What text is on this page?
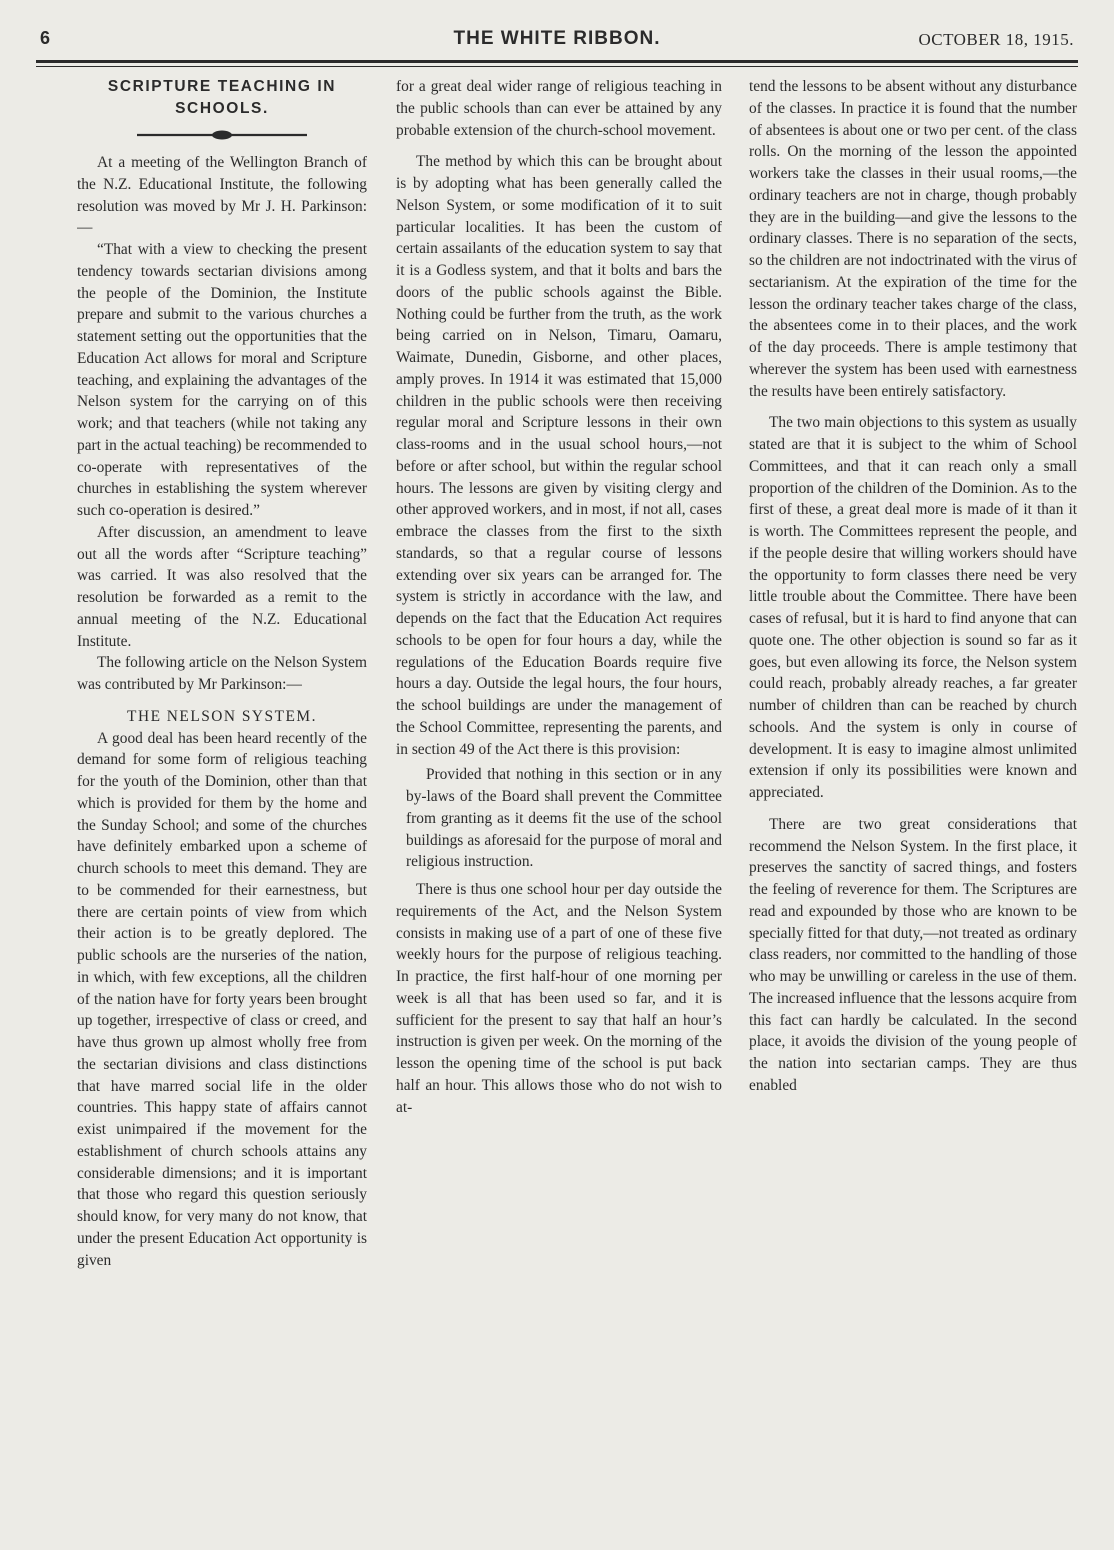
6	THE WHITE RIBBON.	OCTOBER 18, 1915.
SCRIPTURE TEACHING IN
SCHOOLS.

At a meeting of the Wellington Branch of the N.Z. Educational Institute, the following resolution was moved by Mr J. H. Parkinson:—

“That with a view to checking the present tendency towards sectarian divisions among the people of the Dominion, the Institute prepare and submit to the various churches a statement setting out the opportunities that the Education Act allows for moral and Scripture teaching, and explaining the advantages of the Nelson system for the carrying on of this work; and that teachers (while not taking any part in the actual teaching) be recommended to co-operate with representatives of the churches in establishing the system wherever such co-operation is desired.”

After discussion, an amendment to leave out all the words after “Scripture teaching” was carried. It was also resolved that the resolution be forwarded as a remit to the annual meeting of the N.Z. Educational Institute.

The following article on the Nelson System was contributed by Mr Parkinson:—

THE NELSON SYSTEM.

A good deal has been heard recently of the demand for some form of religious teaching for the youth of the Dominion, other than that which is provided for them by the home and the Sunday School; and some of the churches have definitely embarked upon a scheme of church schools to meet this demand. They are to be commended for their earnestness, but there are certain points of view from which their action is to be greatly deplored. The public schools are the nurseries of the nation, in which, with few exceptions, all the children of the nation have for forty years been brought up together, irrespective of class or creed, and have thus grown up almost wholly free from the sectarian divisions and class distinctions that have marred social life in the older countries. This happy state of affairs cannot exist unimpaired if the movement for the establishment of church schools attains any considerable dimensions; and it is important that those who regard this question seriously should know, for very many do not know, that under the present Education Act opportunity is given

for a great deal wider range of religious teaching in the public schools than can ever be attained by any probable extension of the church-school movement.

The method by which this can be brought about is by adopting what has been generally called the Nelson System, or some modification of it to suit particular localities. It has been the custom of certain assailants of the education system to say that it is a Godless system, and that it bolts and bars the doors of the public schools against the Bible. Nothing could be further from the truth, as the work being carried on in Nelson, Timaru, Oamaru, Waimate, Dunedin, Gisborne, and other places, amply proves. In 1914 it was estimated that 15,000 children in the public schools were then receiving regular moral and Scripture lessons in their own class-rooms and in the usual school hours,—not before or after school, but within the regular school hours. The lessons are given by visiting clergy and other approved workers, and in most, if not all, cases embrace the classes from the first to the sixth standards, so that a regular course of lessons extending over six years can be arranged for. The system is strictly in accordance with the law, and depends on the fact that the Education Act requires schools to be open for four hours a day, while the regulations of the Education Boards require five hours a day. Outside the legal hours, the four hours, the school buildings are under the management of the School Committee, representing the parents, and in section 49 of the Act there is this provision:

Provided that nothing in this section or in any by-laws of the Board shall prevent the Committee from granting as it deems fit the use of the school buildings as aforesaid for the purpose of moral and religious instruction.

There is thus one school hour per day outside the requirements of the Act, and the Nelson System consists in making use of a part of one of these five weekly hours for the purpose of religious teaching. In practice, the first half-hour of one morning per week is all that has been used so far, and it is sufficient for the present to say that half an hour’s instruction is given per week. On the morning of the lesson the opening time of the school is put back half an hour. This allows those who do not wish to at-

tend the lessons to be absent without any disturbance of the classes. In practice it is found that the number of absentees is about one or two per cent. of the class rolls. On the morning of the lesson the appointed workers take the classes in their usual rooms,—the ordinary teachers are not in charge, though probably they are in the building—and give the lessons to the ordinary classes. There is no separation of the sects, so the children are not indoctrinated with the virus of sectarianism. At the expiration of the time for the lesson the ordinary teacher takes charge of the class, the absentees come in to their places, and the work of the day proceeds. There is ample testimony that wherever the system has been used with earnestness the results have been entirely satisfactory.

The two main objections to this system as usually stated are that it is subject to the whim of School Committees, and that it can reach only a small proportion of the children of the Dominion. As to the first of these, a great deal more is made of it than it is worth. The Committees represent the people, and if the people desire that willing workers should have the opportunity to form classes there need be very little trouble about the Committee. There have been cases of refusal, but it is hard to find anyone that can quote one. The other objection is sound so far as it goes, but even allowing its force, the Nelson system could reach, probably already reaches, a far greater number of children than can be reached by church schools. And the system is only in course of development. It is easy to imagine almost unlimited extension if only its possibilities were known and appreciated.

There are two great considerations that recommend the Nelson System. In the first place, it preserves the sanctity of sacred things, and fosters the feeling of reverence for them. The Scriptures are read and expounded by those who are known to be specially fitted for that duty,—not treated as ordinary class readers, nor committed to the handling of those who may be unwilling or careless in the use of them. The increased influence that the lessons acquire from this fact can hardly be calculated. In the second place, it avoids the division of the young people of the nation into sectarian camps. They are thus enabled
